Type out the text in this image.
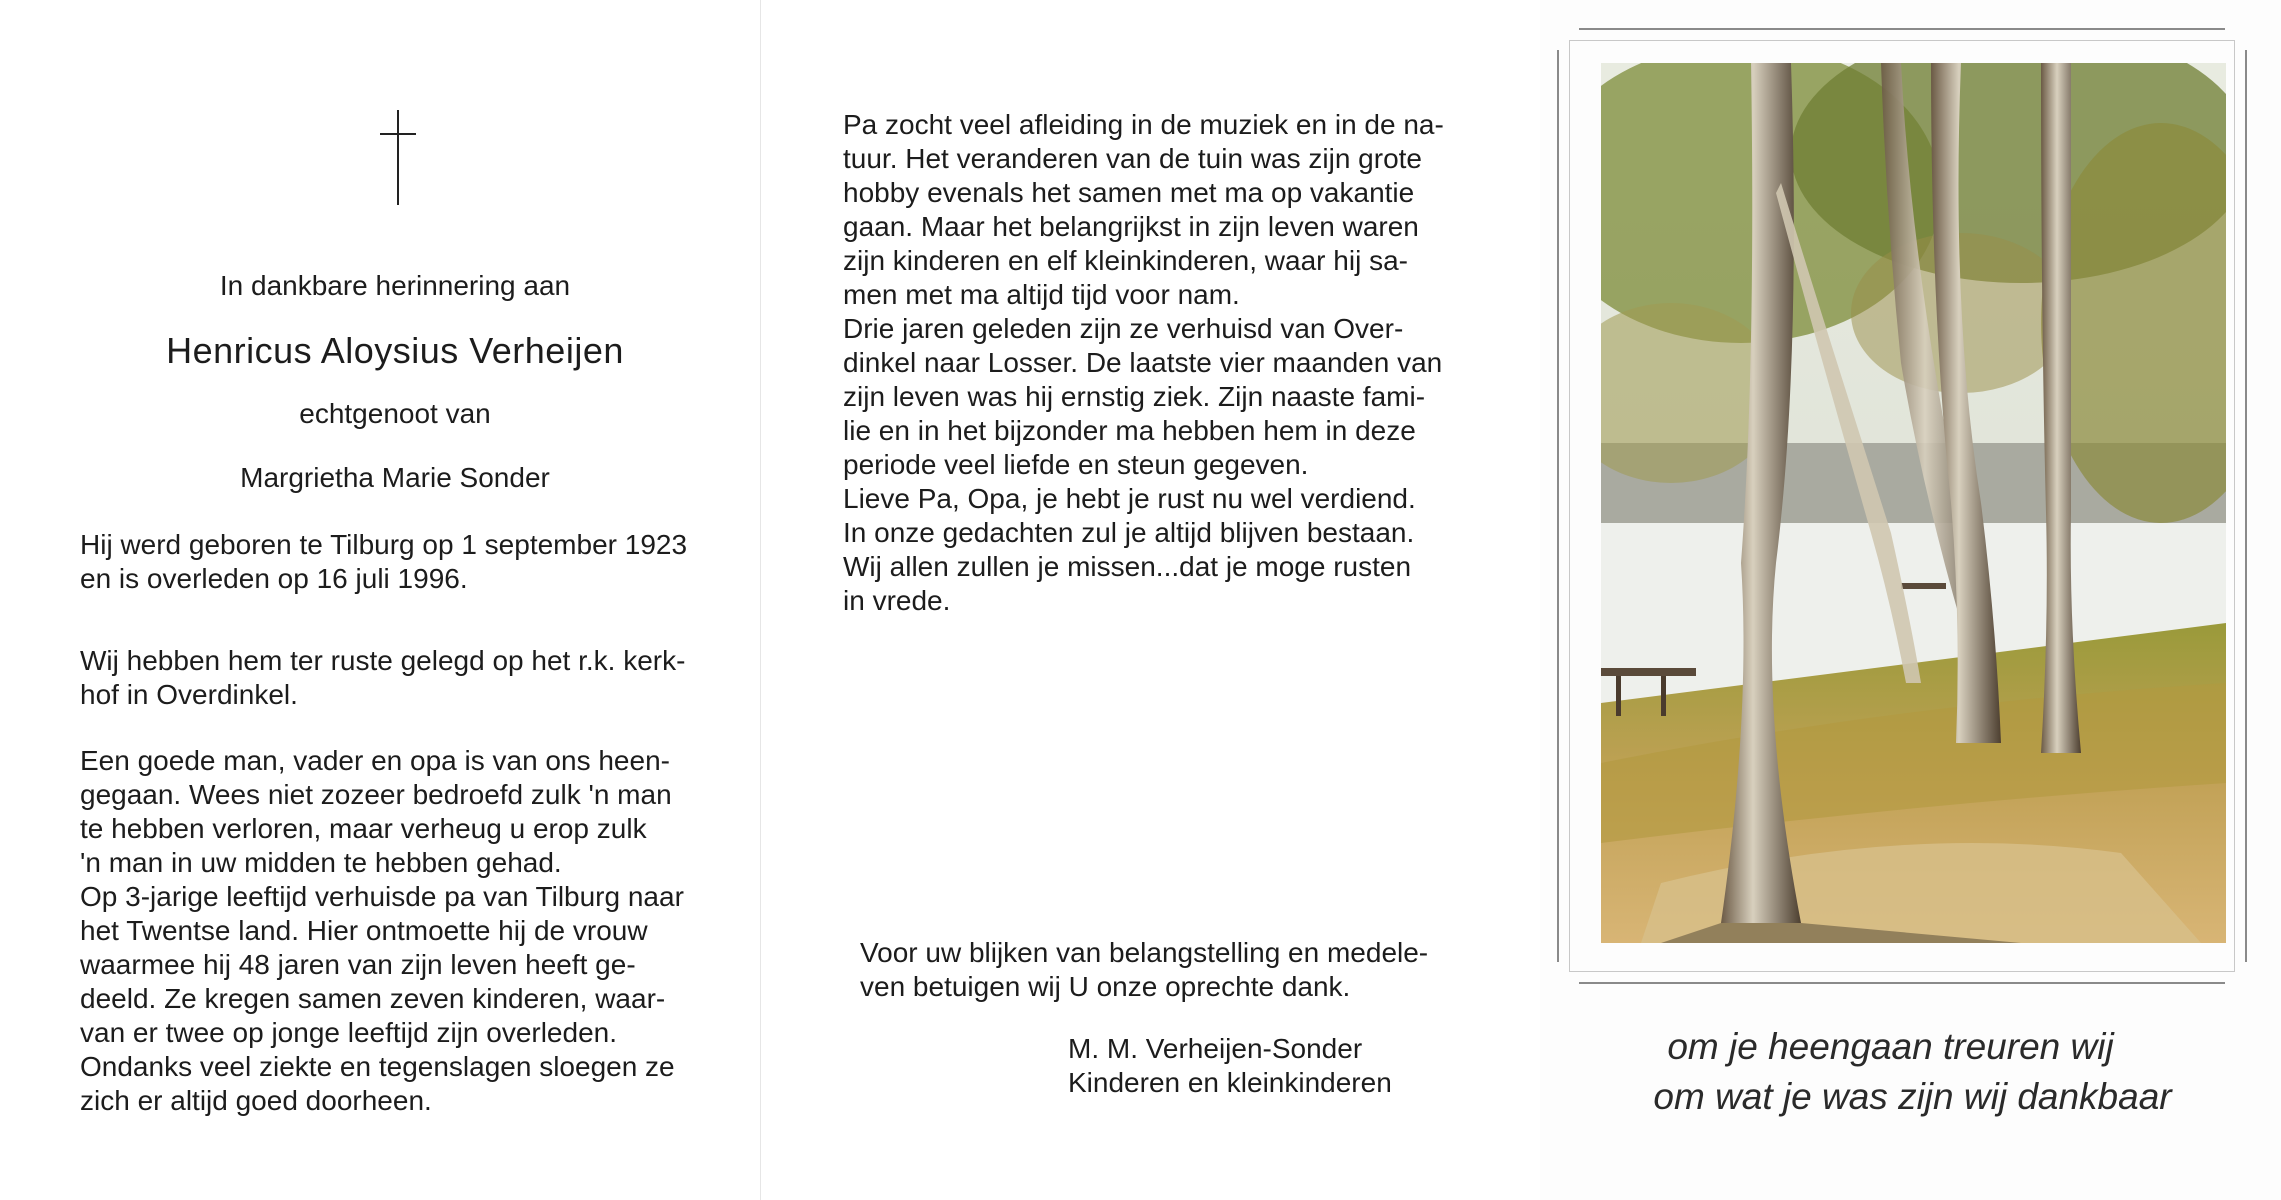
In dankbare herinnering aan
Henricus Aloysius Verheijen
echtgenoot van
Margrietha Marie Sonder
Hij werd geboren te Tilburg op 1 september 1923
en is overleden op 16 juli 1996.
Wij hebben hem ter ruste gelegd op het r.k. kerk-
hof in Overdinkel.
Een goede man, vader en opa is van ons heen-
gegaan. Wees niet zozeer bedroefd zulk 'n man
te hebben verloren, maar verheug u erop zulk
'n man in uw midden te hebben gehad.
Op 3-jarige leeftijd verhuisde pa van Tilburg naar
het Twentse land. Hier ontmoette hij de vrouw
waarmee hij 48 jaren van zijn leven heeft ge-
deeld. Ze kregen samen zeven kinderen, waar-
van er twee op jonge leeftijd zijn overleden.
Ondanks veel ziekte en tegenslagen sloegen ze
zich er altijd goed doorheen.
Pa zocht veel afleiding in de muziek en in de na-
tuur. Het veranderen van de tuin was zijn grote
hobby evenals het samen met ma op vakantie
gaan. Maar het belangrijkst in zijn leven waren
zijn kinderen en elf kleinkinderen, waar hij sa-
men met ma altijd tijd voor nam.
Drie jaren geleden zijn ze verhuisd van Over-
dinkel naar Losser. De laatste vier maanden van
zijn leven was hij ernstig ziek. Zijn naaste fami-
lie en in het bijzonder ma hebben hem in deze
periode veel liefde en steun gegeven.
Lieve Pa, Opa, je hebt je rust nu wel verdiend.
In onze gedachten zul je altijd blijven bestaan.
Wij allen zullen je missen...dat je moge rusten
in vrede.
Voor uw blijken van belangstelling en medele-
ven betuigen wij U onze oprechte dank.
M. M. Verheijen-Sonder
Kinderen en kleinkinderen
om je heengaan treuren wij
om wat je was zijn wij dankbaar
